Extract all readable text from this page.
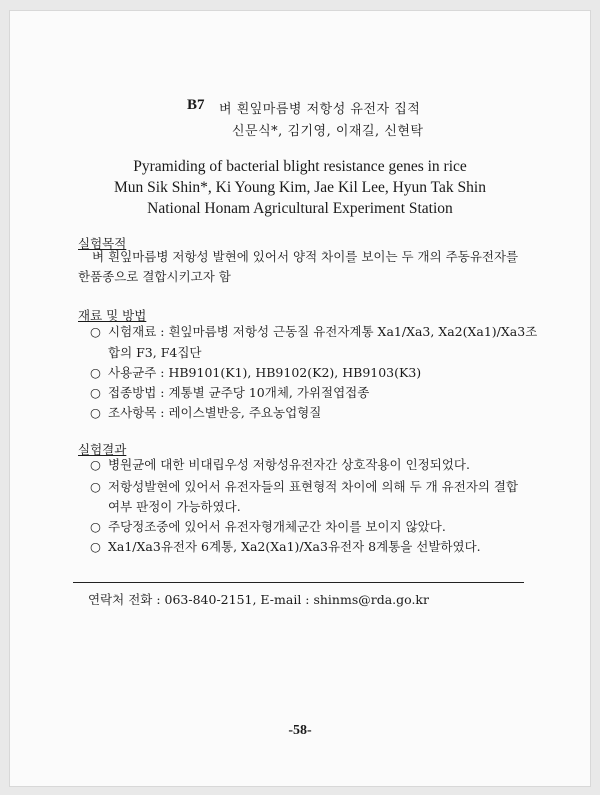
B7 벼 흰잎마름병 저항성 유전자 집적
신문식*, 김기영, 이재길, 신현탁
Pyramiding of bacterial blight resistance genes in rice
Mun Sik Shin*, Ki Young Kim, Jae Kil Lee, Hyun Tak Shin
National Honam Agricultural Experiment Station
실험목적
벼 흰잎마름병 저항성 발현에 있어서 양적 차이를 보이는 두 개의 주동유전자를
한품종으로 결합시키고자 함
재료 및 방법
○ 시험재료 : 흰잎마름병 저항성 근동질 유전자계통 Xa1/Xa3, Xa2(Xa1)/Xa3조
합의 F3, F4집단
○ 사용균주 : HB9101(K1), HB9102(K2), HB9103(K3)
○ 접종방법 : 계통별 균주당 10개체, 가위절엽접종
○ 조사항목 : 레이스별반응, 주요농업형질
실험결과
○ 병원균에 대한 비대립우성 저항성유전자간 상호작용이 인정되었다.
○ 저항성발현에 있어서 유전자들의 표현형적 차이에 의해 두 개 유전자의 결합
여부 판정이 가능하였다.
○ 주당정조중에 있어서 유전자형개체군간 차이를 보이지 않았다.
○ Xa1/Xa3유전자 6계통, Xa2(Xa1)/Xa3유전자 8계통을 선발하였다.
연락처 전화 : 063-840-2151, E-mail : shinms@rda.go.kr
-58-
